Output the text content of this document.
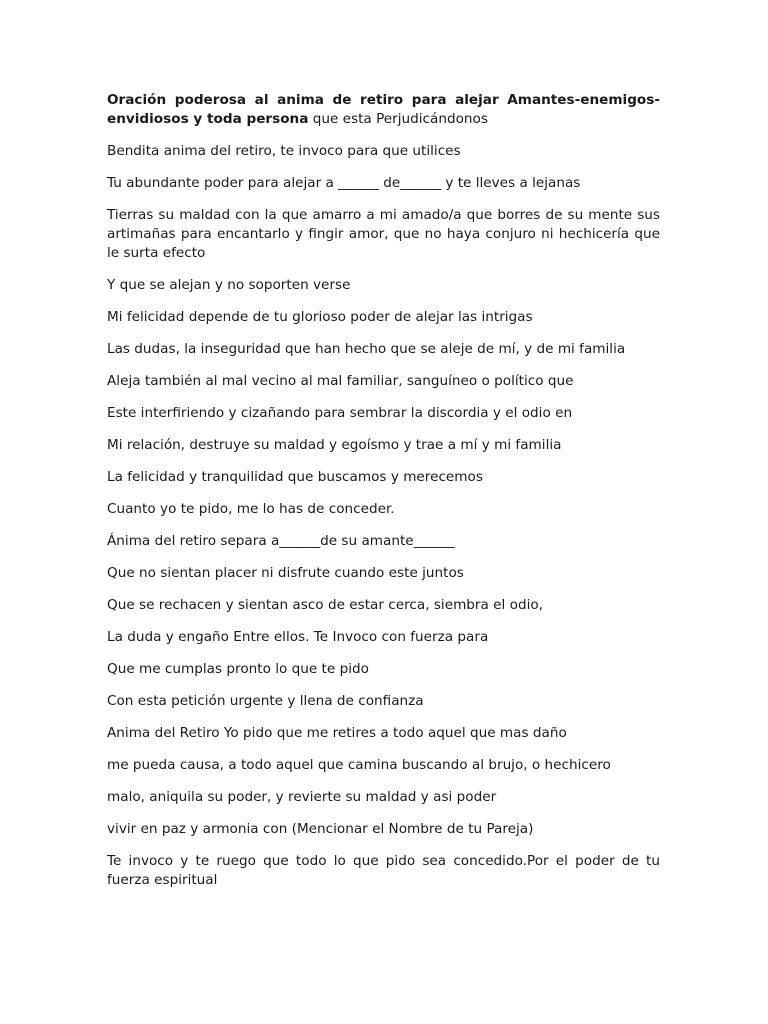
Oración poderosa al anima de retiro para alejar Amantes-enemigos-envidiosos y toda persona que esta Perjudicándonos

Bendita anima del retiro, te invoco para que utilices

Tu abundante poder para alejar a ______ de______ y te lleves a lejanas

Tierras su maldad con la que amarro a mi amado/a que borres de su mente sus artimañas para encantarlo y fingir amor, que no haya conjuro ni hechicería que le surta efecto

Y que se alejan y no soporten verse

Mi felicidad depende de tu glorioso poder de alejar las intrigas

Las dudas, la inseguridad que han hecho que se aleje de mí, y de mi familia

Aleja también al mal vecino al mal familiar, sanguíneo o político que

Este interfiriendo y cizañando para sembrar la discordia y el odio en

Mi relación, destruye su maldad y egoísmo y trae a mí y mi familia

La felicidad y tranquilidad que buscamos y merecemos

Cuanto yo te pido, me lo has de conceder.

Ánima del retiro separa a______de su amante______

Que no sientan placer ni disfrute cuando este juntos

Que se rechacen y sientan asco de estar cerca, siembra el odio,

La duda y engaño Entre ellos. Te Invoco con fuerza para

Que me cumplas pronto lo que te pido

Con esta petición urgente y llena de confianza

Anima del Retiro Yo pido que me retires a todo aquel que mas daño

me pueda causa, a todo aquel que camina buscando al brujo, o hechicero

malo, aniquila su poder, y revierte su maldad y asi poder

vivir en paz y armonia con (Mencionar el Nombre de tu Pareja)

Te invoco y te ruego que todo lo que pido sea concedido.Por el poder de tu fuerza espiritual
